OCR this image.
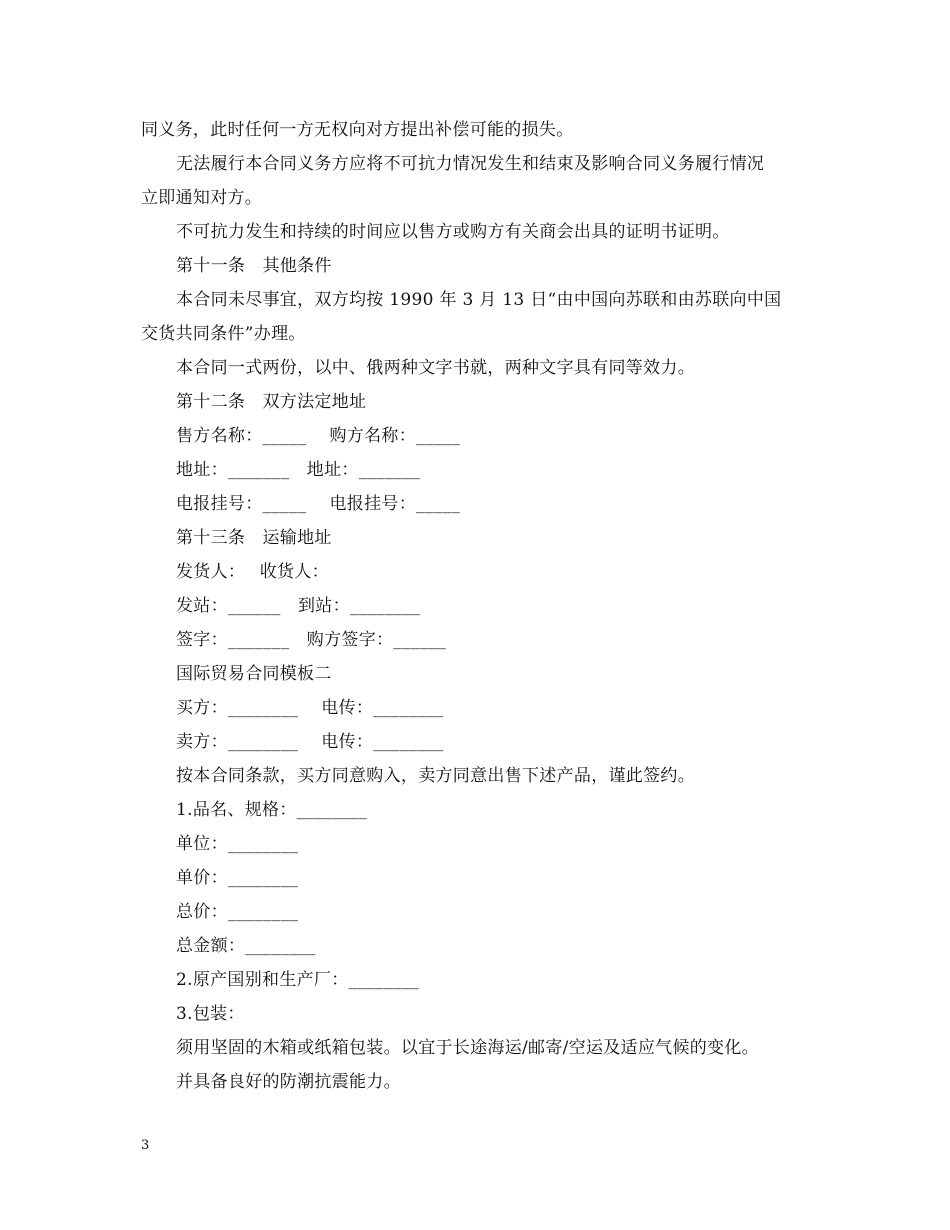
同义务，此时任何一方无权向对方提出补偿可能的损失。
无法履行本合同义务方应将不可抗力情况发生和结束及影响合同义务履行情况
立即通知对方。
不可抗力发生和持续的时间应以售方或购方有关商会出具的证明书证明。
第十一条　其他条件
本合同未尽事宜，双方均按 1990 年 3 月 13 日“由中国向苏联和由苏联向中国
交货共同条件”办理。
本合同一式两份，以中、俄两种文字书就，两种文字具有同等效力。
第十二条　双方法定地址
售方名称：_____　 购方名称：_____
地址：_______　地址：_______
电报挂号：_____　 电报挂号：_____
第十三条　运输地址
发货人：　 收货人：
发站：______　到站：________
签字：_______　购方签字：______
国际贸易合同模板二
买方：________　 电传：________
卖方：________　 电传：________
按本合同条款，买方同意购入，卖方同意出售下述产品，谨此签约。
1.品名、规格：________
单位：________
单价：________
总价：________
总金额：________
2.原产国别和生产厂：________
3.包装：
须用坚固的木箱或纸箱包装。以宜于长途海运/邮寄/空运及适应气候的变化。
并具备良好的防潮抗震能力。
3
